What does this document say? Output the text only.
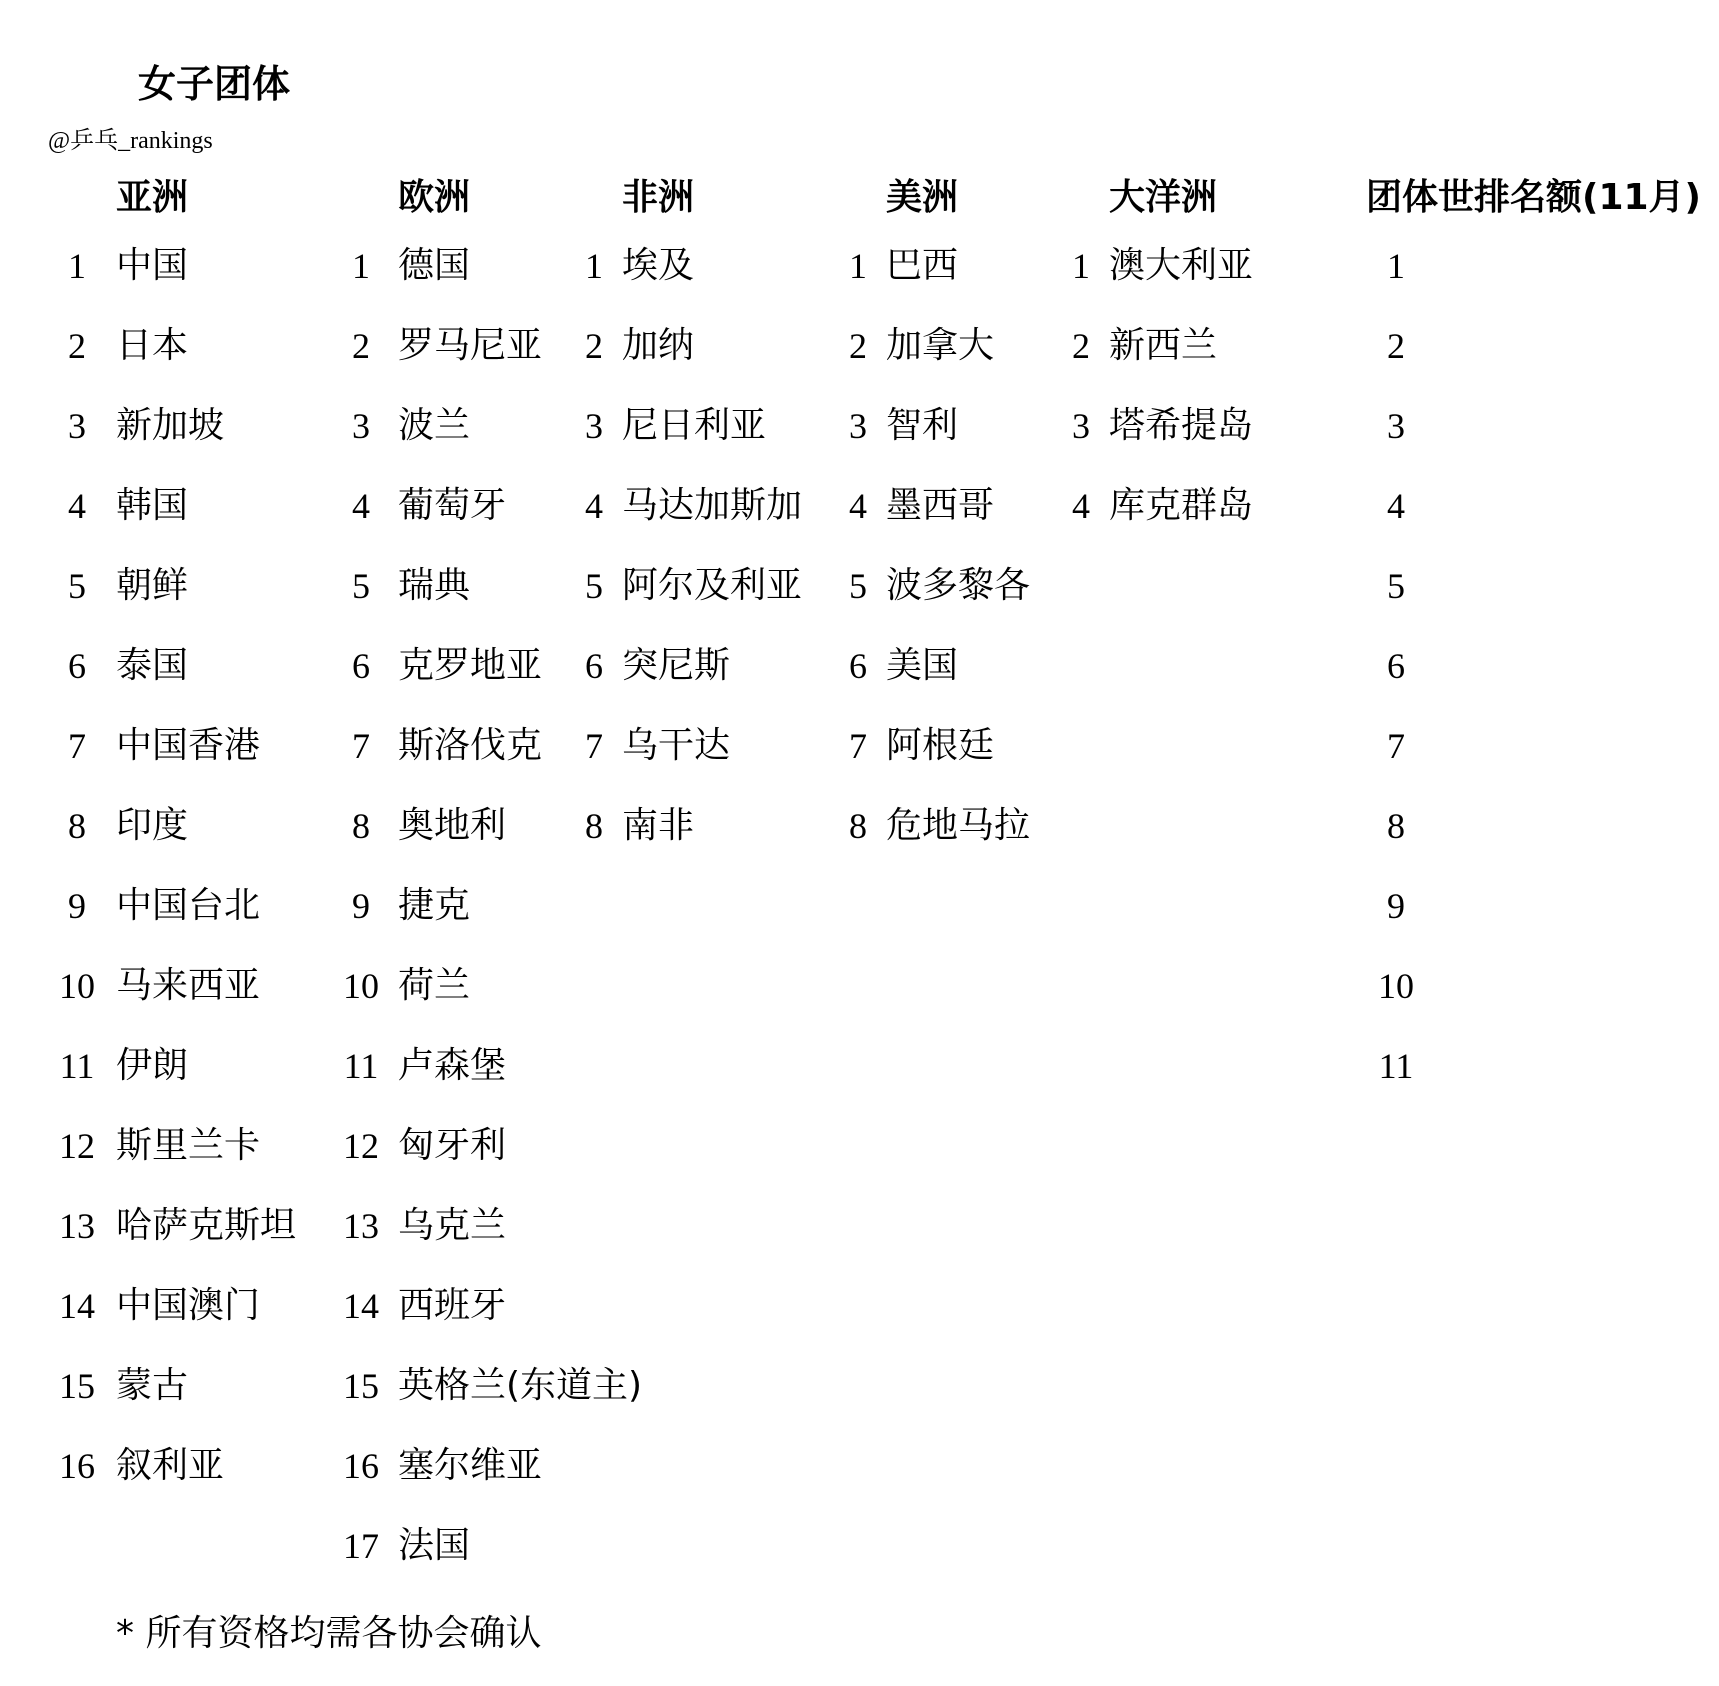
女子团体
@乒乓_rankings
亚洲
1 中国
2 日本
3 新加坡
4 韩国
5 朝鲜
6 泰国
7 中国香港
8 印度
9 中国台北
10 马来西亚
11 伊朗
12 斯里兰卡
13 哈萨克斯坦
14 中国澳门
15 蒙古
16 叙利亚
欧洲
1 德国
2 罗马尼亚
3 波兰
4 葡萄牙
5 瑞典
6 克罗地亚
7 斯洛伐克
8 奥地利
9 捷克
10 荷兰
11 卢森堡
12 匈牙利
13 乌克兰
14 西班牙
15 英格兰(东道主)
16 塞尔维亚
17 法国
非洲
1 埃及
2 加纳
3 尼日利亚
4 马达加斯加
5 阿尔及利亚
6 突尼斯
7 乌干达
8 南非
美洲
1 巴西
2 加拿大
3 智利
4 墨西哥
5 波多黎各
6 美国
7 阿根廷
8 危地马拉
大洋洲
1 澳大利亚
2 新西兰
3 塔希提岛
4 库克群岛
团体世排名额(11月)
1
2
3
4
5
6
7
8
9
10
11
* 所有资格均需各协会确认
